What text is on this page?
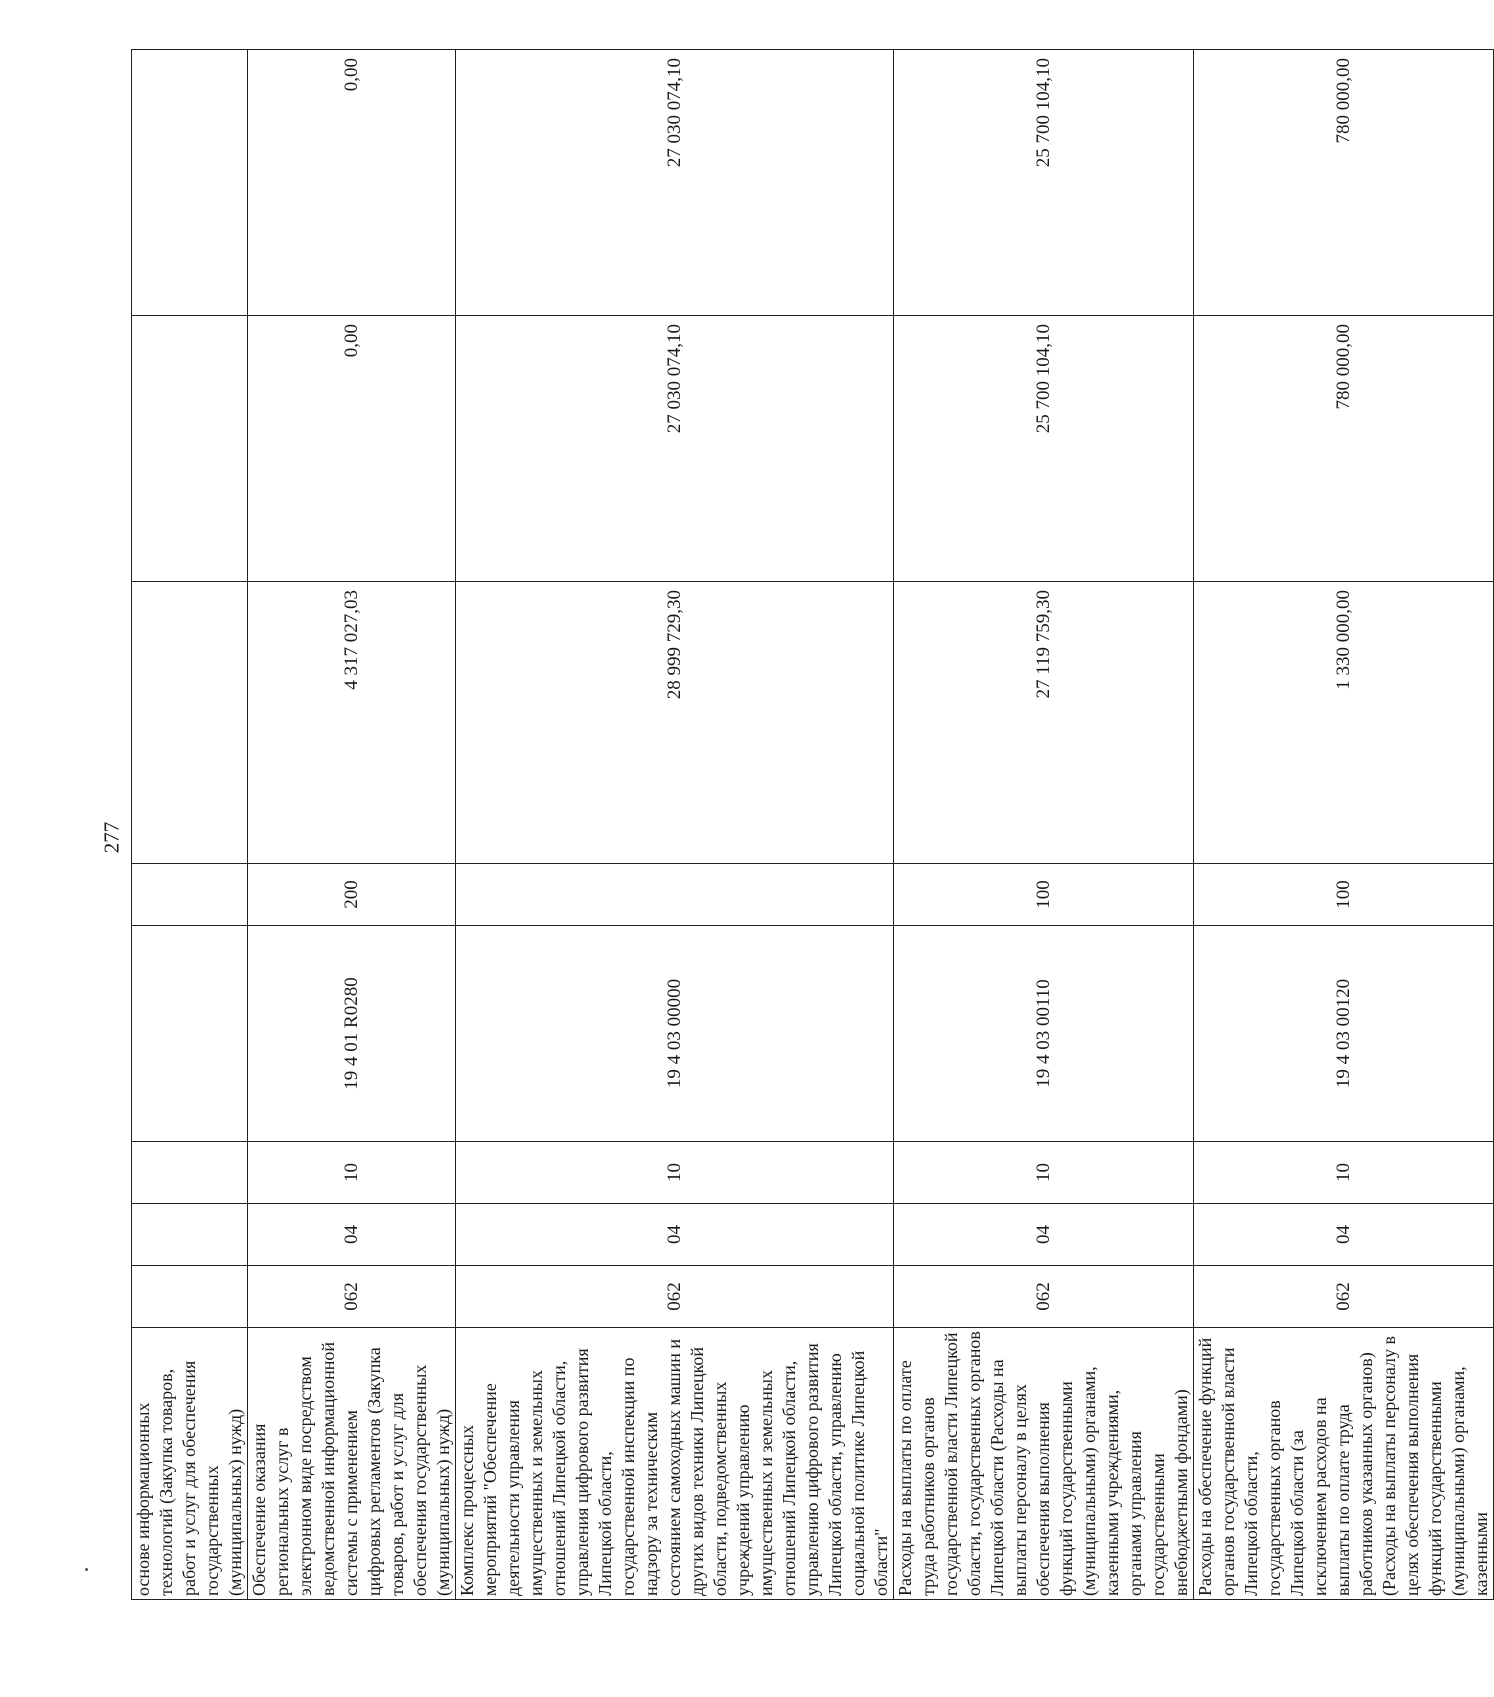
277
основе информационных технологий (Закупка товаров, работ и услуг для обеспечения государственных (муниципальных) нужд)								
Обеспечение оказания региональных услуг в электронном виде посредством ведомственной информационной системы с применением цифровых регламентов (Закупка товаров, работ и услуг для обеспечения государственных (муниципальных) нужд)	062	04	10	19 4 01 R0280	200	4 317 027,03	0,00	0,00
Комплекс процессных мероприятий "Обеспечение деятельности управления имущественных и земельных отношений Липецкой области, управления цифрового развития Липецкой области, государственной инспекции по надзору за техническим состоянием самоходных машин и других видов техники Липецкой области, подведомственных учреждений управлению имущественных и земельных отношений Липецкой области, управлению цифрового развития Липецкой области, управлению социальной политике Липецкой области"	062	04	10	19 4 03 00000		28 999 729,30	27 030 074,10	27 030 074,10
Расходы на выплаты по оплате труда работников органов государственной власти Липецкой области, государственных органов Липецкой области (Расходы на выплаты персоналу в целях обеспечения выполнения функций государственными (муниципальными) органами, казенными учреждениями, органами управления государственными внебюджетными фондами)	062	04	10	19 4 03 00110	100	27 119 759,30	25 700 104,10	25 700 104,10
Расходы на обеспечение функций органов государственной власти Липецкой области, государственных органов Липецкой области (за исключением расходов на выплаты по оплате труда работников указанных органов) (Расходы на выплаты персоналу в целях обеспечения выполнения функций государственными (муниципальными) органами, казенными	062	04	10	19 4 03 00120	100	1 330 000,00	780 000,00	780 000,00
